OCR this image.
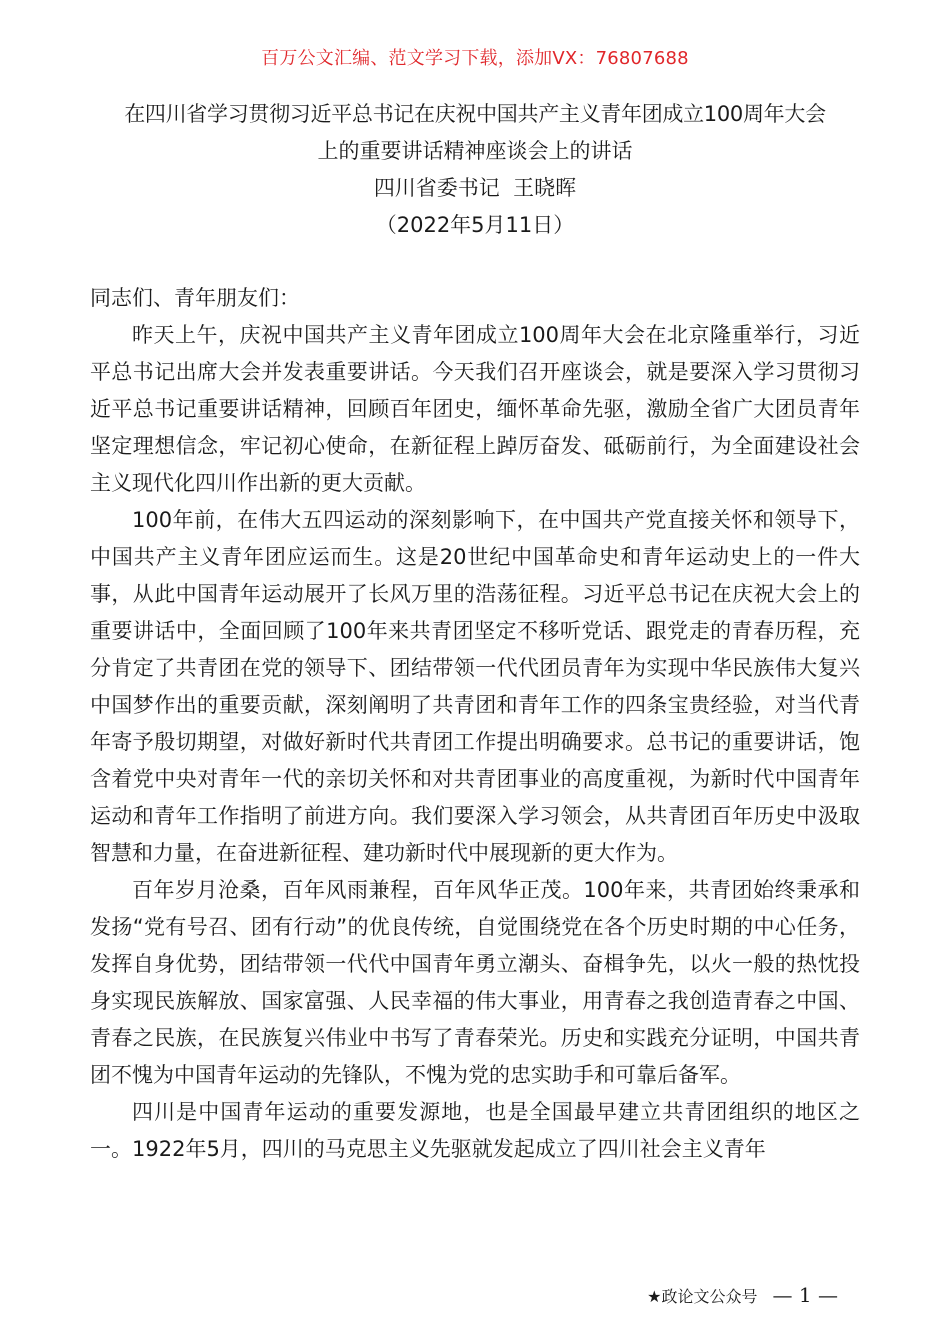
百万公文汇编、范文学习下载，添加VX：76807688
在四川省学习贯彻习近平总书记在庆祝中国共产主义青年团成立100周年大会
上的重要讲话精神座谈会上的讲话
四川省委书记  王晓晖
（2022年5月11日）

同志们、青年朋友们：

昨天上午，庆祝中国共产主义青年团成立100周年大会在北京隆重举行，习近平总书记出席大会并发表重要讲话。今天我们召开座谈会，就是要深入学习贯彻习近平总书记重要讲话精神，回顾百年团史，缅怀革命先驱，激励全省广大团员青年坚定理想信念，牢记初心使命，在新征程上踔厉奋发、砥砺前行，为全面建设社会主义现代化四川作出新的更大贡献。

100年前，在伟大五四运动的深刻影响下，在中国共产党直接关怀和领导下，中国共产主义青年团应运而生。这是20世纪中国革命史和青年运动史上的一件大事，从此中国青年运动展开了长风万里的浩荡征程。习近平总书记在庆祝大会上的重要讲话中，全面回顾了100年来共青团坚定不移听党话、跟党走的青春历程，充分肯定了共青团在党的领导下、团结带领一代代团员青年为实现中华民族伟大复兴中国梦作出的重要贡献，深刻阐明了共青团和青年工作的四条宝贵经验，对当代青年寄予殷切期望，对做好新时代共青团工作提出明确要求。总书记的重要讲话，饱含着党中央对青年一代的亲切关怀和对共青团事业的高度重视，为新时代中国青年运动和青年工作指明了前进方向。我们要深入学习领会，从共青团百年历史中汲取智慧和力量，在奋进新征程、建功新时代中展现新的更大作为。

百年岁月沧桑，百年风雨兼程，百年风华正茂。100年来，共青团始终秉承和发扬“党有号召、团有行动”的优良传统，自觉围绕党在各个历史时期的中心任务，发挥自身优势，团结带领一代代中国青年勇立潮头、奋楫争先，以火一般的热忱投身实现民族解放、国家富强、人民幸福的伟大事业，用青春之我创造青春之中国、青春之民族，在民族复兴伟业中书写了青春荣光。历史和实践充分证明，中国共青团不愧为中国青年运动的先锋队，不愧为党的忠实助手和可靠后备军。

四川是中国青年运动的重要发源地，也是全国最早建立共青团组织的地区之一。1922年5月，四川的马克思主义先驱就发起成立了四川社会主义青年

★政论文公众号 — 1 —
